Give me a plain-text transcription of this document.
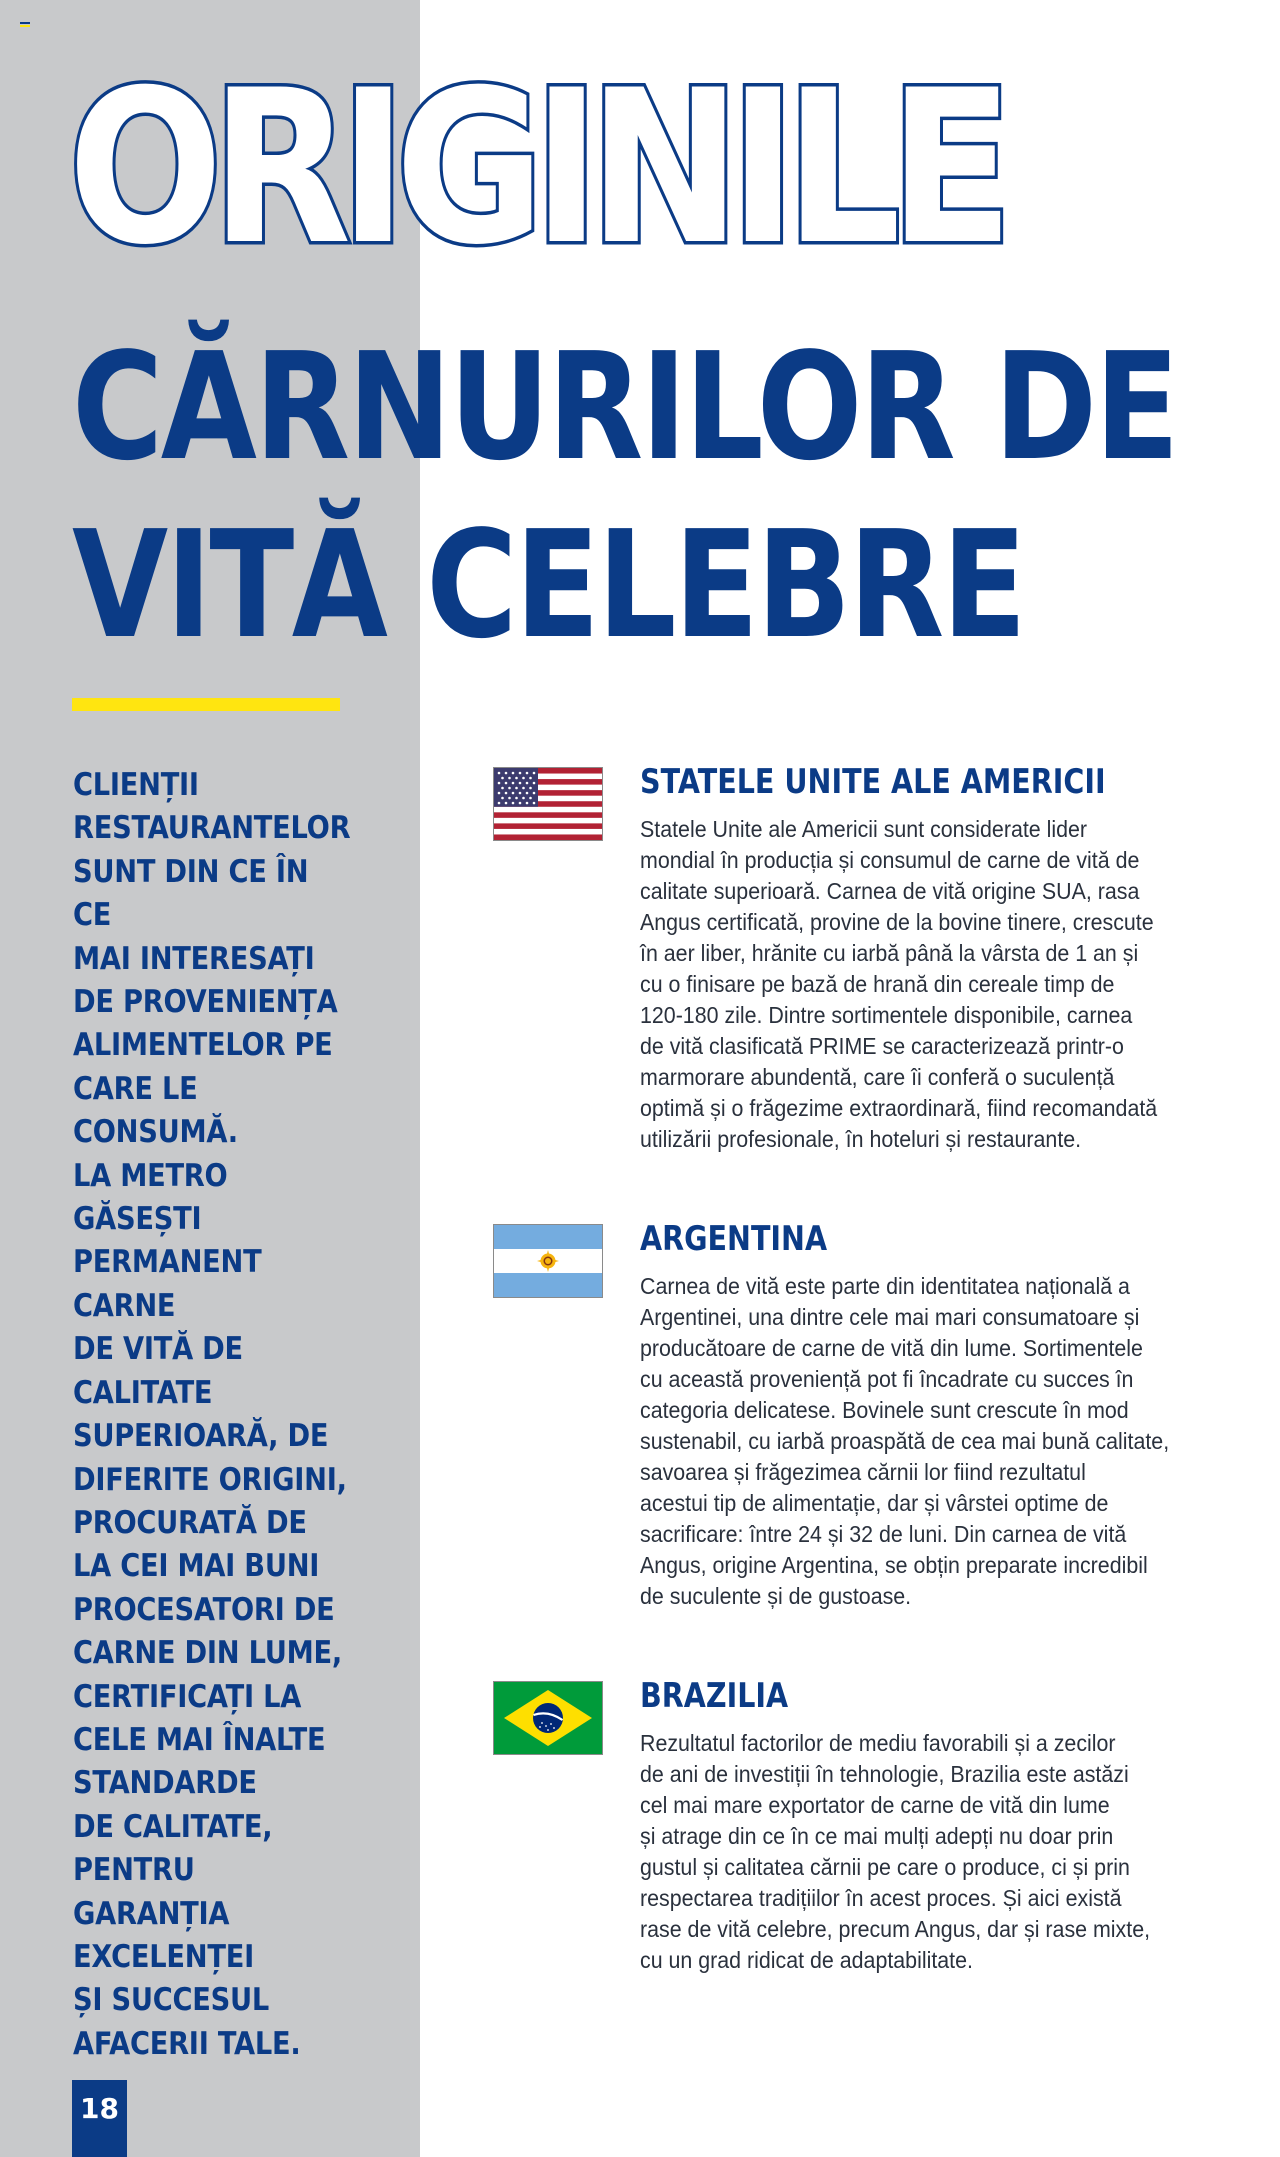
ORIGINILE
CĂRNURILOR DE
VITĂ CELEBRE

CLIENȚII
RESTAURANTELOR
SUNT DIN CE ÎN CE
MAI INTERESAȚI
DE PROVENIENȚA
ALIMENTELOR PE
CARE LE CONSUMĂ.
LA METRO GĂSEȘTI
PERMANENT CARNE
DE VITĂ DE CALITATE
SUPERIOARĂ, DE
DIFERITE ORIGINI,
PROCURATĂ DE
LA CEI MAI BUNI
PROCESATORI DE
CARNE DIN LUME,
CERTIFICAȚI LA
CELE MAI ÎNALTE
STANDARDE
DE CALITATE,
PENTRU GARANȚIA
EXCELENȚEI
ȘI SUCCESUL
AFACERII TALE.

STATELE UNITE ALE AMERICII

Statele Unite ale Americii sunt considerate lider
mondial în producția și consumul de carne de vită de
calitate superioară. Carnea de vită origine SUA, rasa
Angus certificată, provine de la bovine tinere, crescute
în aer liber, hrănite cu iarbă până la vârsta de 1 an și
cu o finisare pe bază de hrană din cereale timp de
120-180 zile. Dintre sortimentele disponibile, carnea
de vită clasificată PRIME se caracterizează printr-o
marmorare abundentă, care îi conferă o suculență
optimă și o frăgezime extraordinară, fiind recomandată
utilizării profesionale, în hoteluri și restaurante.

ARGENTINA

Carnea de vită este parte din identitatea națională a
Argentinei, una dintre cele mai mari consumatoare și
producătoare de carne de vită din lume. Sortimentele
cu această proveniență pot fi încadrate cu succes în
categoria delicatese. Bovinele sunt crescute în mod
sustenabil, cu iarbă proaspătă de cea mai bună calitate,
savoarea și frăgezimea cărnii lor fiind rezultatul
acestui tip de alimentație, dar și vârstei optime de
sacrificare: între 24 și 32 de luni. Din carnea de vită
Angus, origine Argentina, se obțin preparate incredibil
de suculente și de gustoase.

BRAZILIA

Rezultatul factorilor de mediu favorabili și a zecilor
de ani de investiții în tehnologie, Brazilia este astăzi
cel mai mare exportator de carne de vită din lume
și atrage din ce în ce mai mulți adepți nu doar prin
gustul și calitatea cărnii pe care o produce, ci și prin
respectarea tradițiilor în acest proces. Și aici există
rase de vită celebre, precum Angus, dar și rase mixte,
cu un grad ridicat de adaptabilitate.

18
